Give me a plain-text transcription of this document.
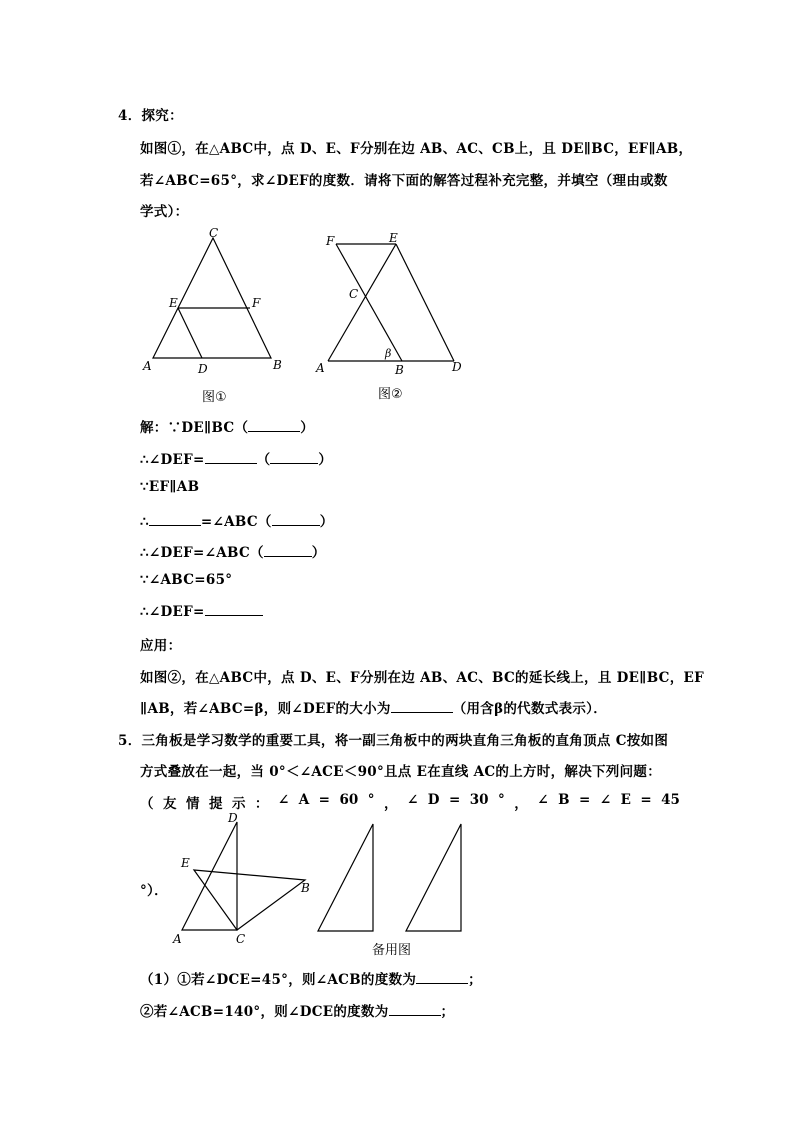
4．探究：
如图①，在△ABC中，点 D、E、F分别在边 AB、AC、CB上，且 DE∥BC，EF∥AB，
若∠ABC=65°，求∠DEF的度数．请将下面的解答过程补充完整，并填空（理由或数
学式）：
C
E	F
A	D	B
图①
F	E
C
A	B	D
β
图②
解：∵DE∥BC（	）
∴∠DEF=	（	）
∵EF∥AB
∴	=∠ABC（	）
∴∠DEF=∠ABC（	）
∵∠ABC=65°
∴∠DEF=
应用：
如图②，在△ABC中，点 D、E、F分别在边 AB、AC、BC的延长线上，且 DE∥BC，EF
∥AB，若∠ABC=β，则∠DEF的大小为	（用含β的代数式表示）．
5．三角板是学习数学的重要工具，将一副三角板中的两块直角三角板的直角顶点 C按如图
方式叠放在一起，当 0°＜∠ACE＜90°且点 E在直线 AC的上方时，解决下列问题：
（ 友 情 提 示 ： ∠ A = 60 ° ， ∠ D = 30 ° ， ∠ B = ∠ E = 45
°）．
D
E
B
A	C
备用图
（1）①若∠DCE=45°，则∠ACB的度数为	；
②若∠ACB=140°，则∠DCE的度数为	；
